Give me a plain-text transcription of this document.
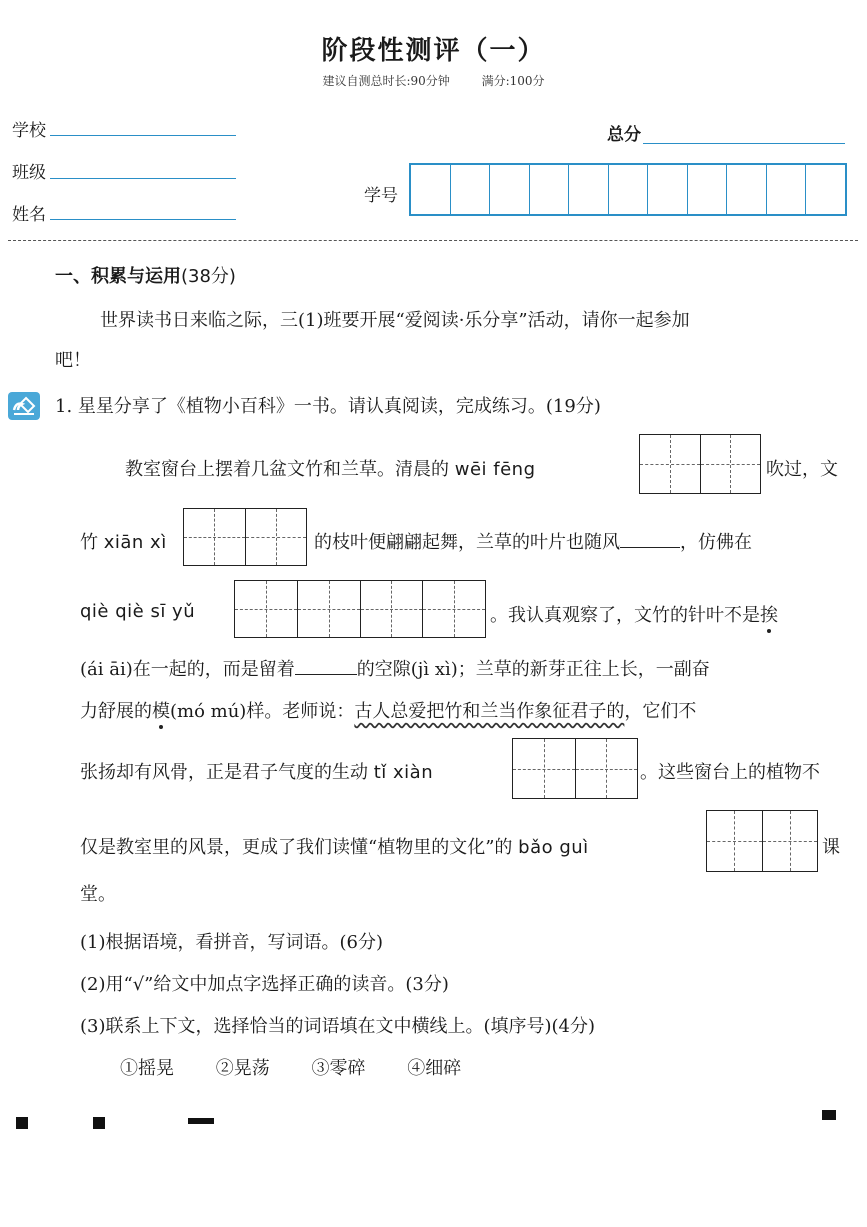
阶段性测评（一）
建议自测总时长:90分钟	满分:100分
学校
班级
姓名
总分
学号
一、积累与运用(38分)
世界读书日来临之际，三(1)班要开展“爱阅读·乐分享”活动，请你一起参加
吧！
1. 星星分享了《植物小百科》一书。请认真阅读，完成练习。(19分)
教室窗台上摆着几盆文竹和兰草。清晨的 wēi fēng	吹过，文
竹 xiān xì	的枝叶便翩翩起舞，兰草的叶片也随风	，仿佛在
qiè qiè sī yǔ	。我认真观察了，文竹的针叶不是挨
(ái āi)在一起的，而是留着	的空隙(jì xì)；兰草的新芽正往上长，一副奋
力舒展的模(mó mú)样。老师说：古人总爱把竹和兰当作象征君子的，它们不
张扬却有风骨，正是君子气度的生动 tǐ xiàn	。这些窗台上的植物不
仅是教室里的风景，更成了我们读懂“植物里的文化”的 bǎo guì	课
堂。
(1)根据语境，看拼音，写词语。(6分)
(2)用“√”给文中加点字选择正确的读音。(3分)
(3)联系上下文，选择恰当的词语填在文中横线上。(填序号)(4分)
①摇晃 ②晃荡 ③零碎 ④细碎
